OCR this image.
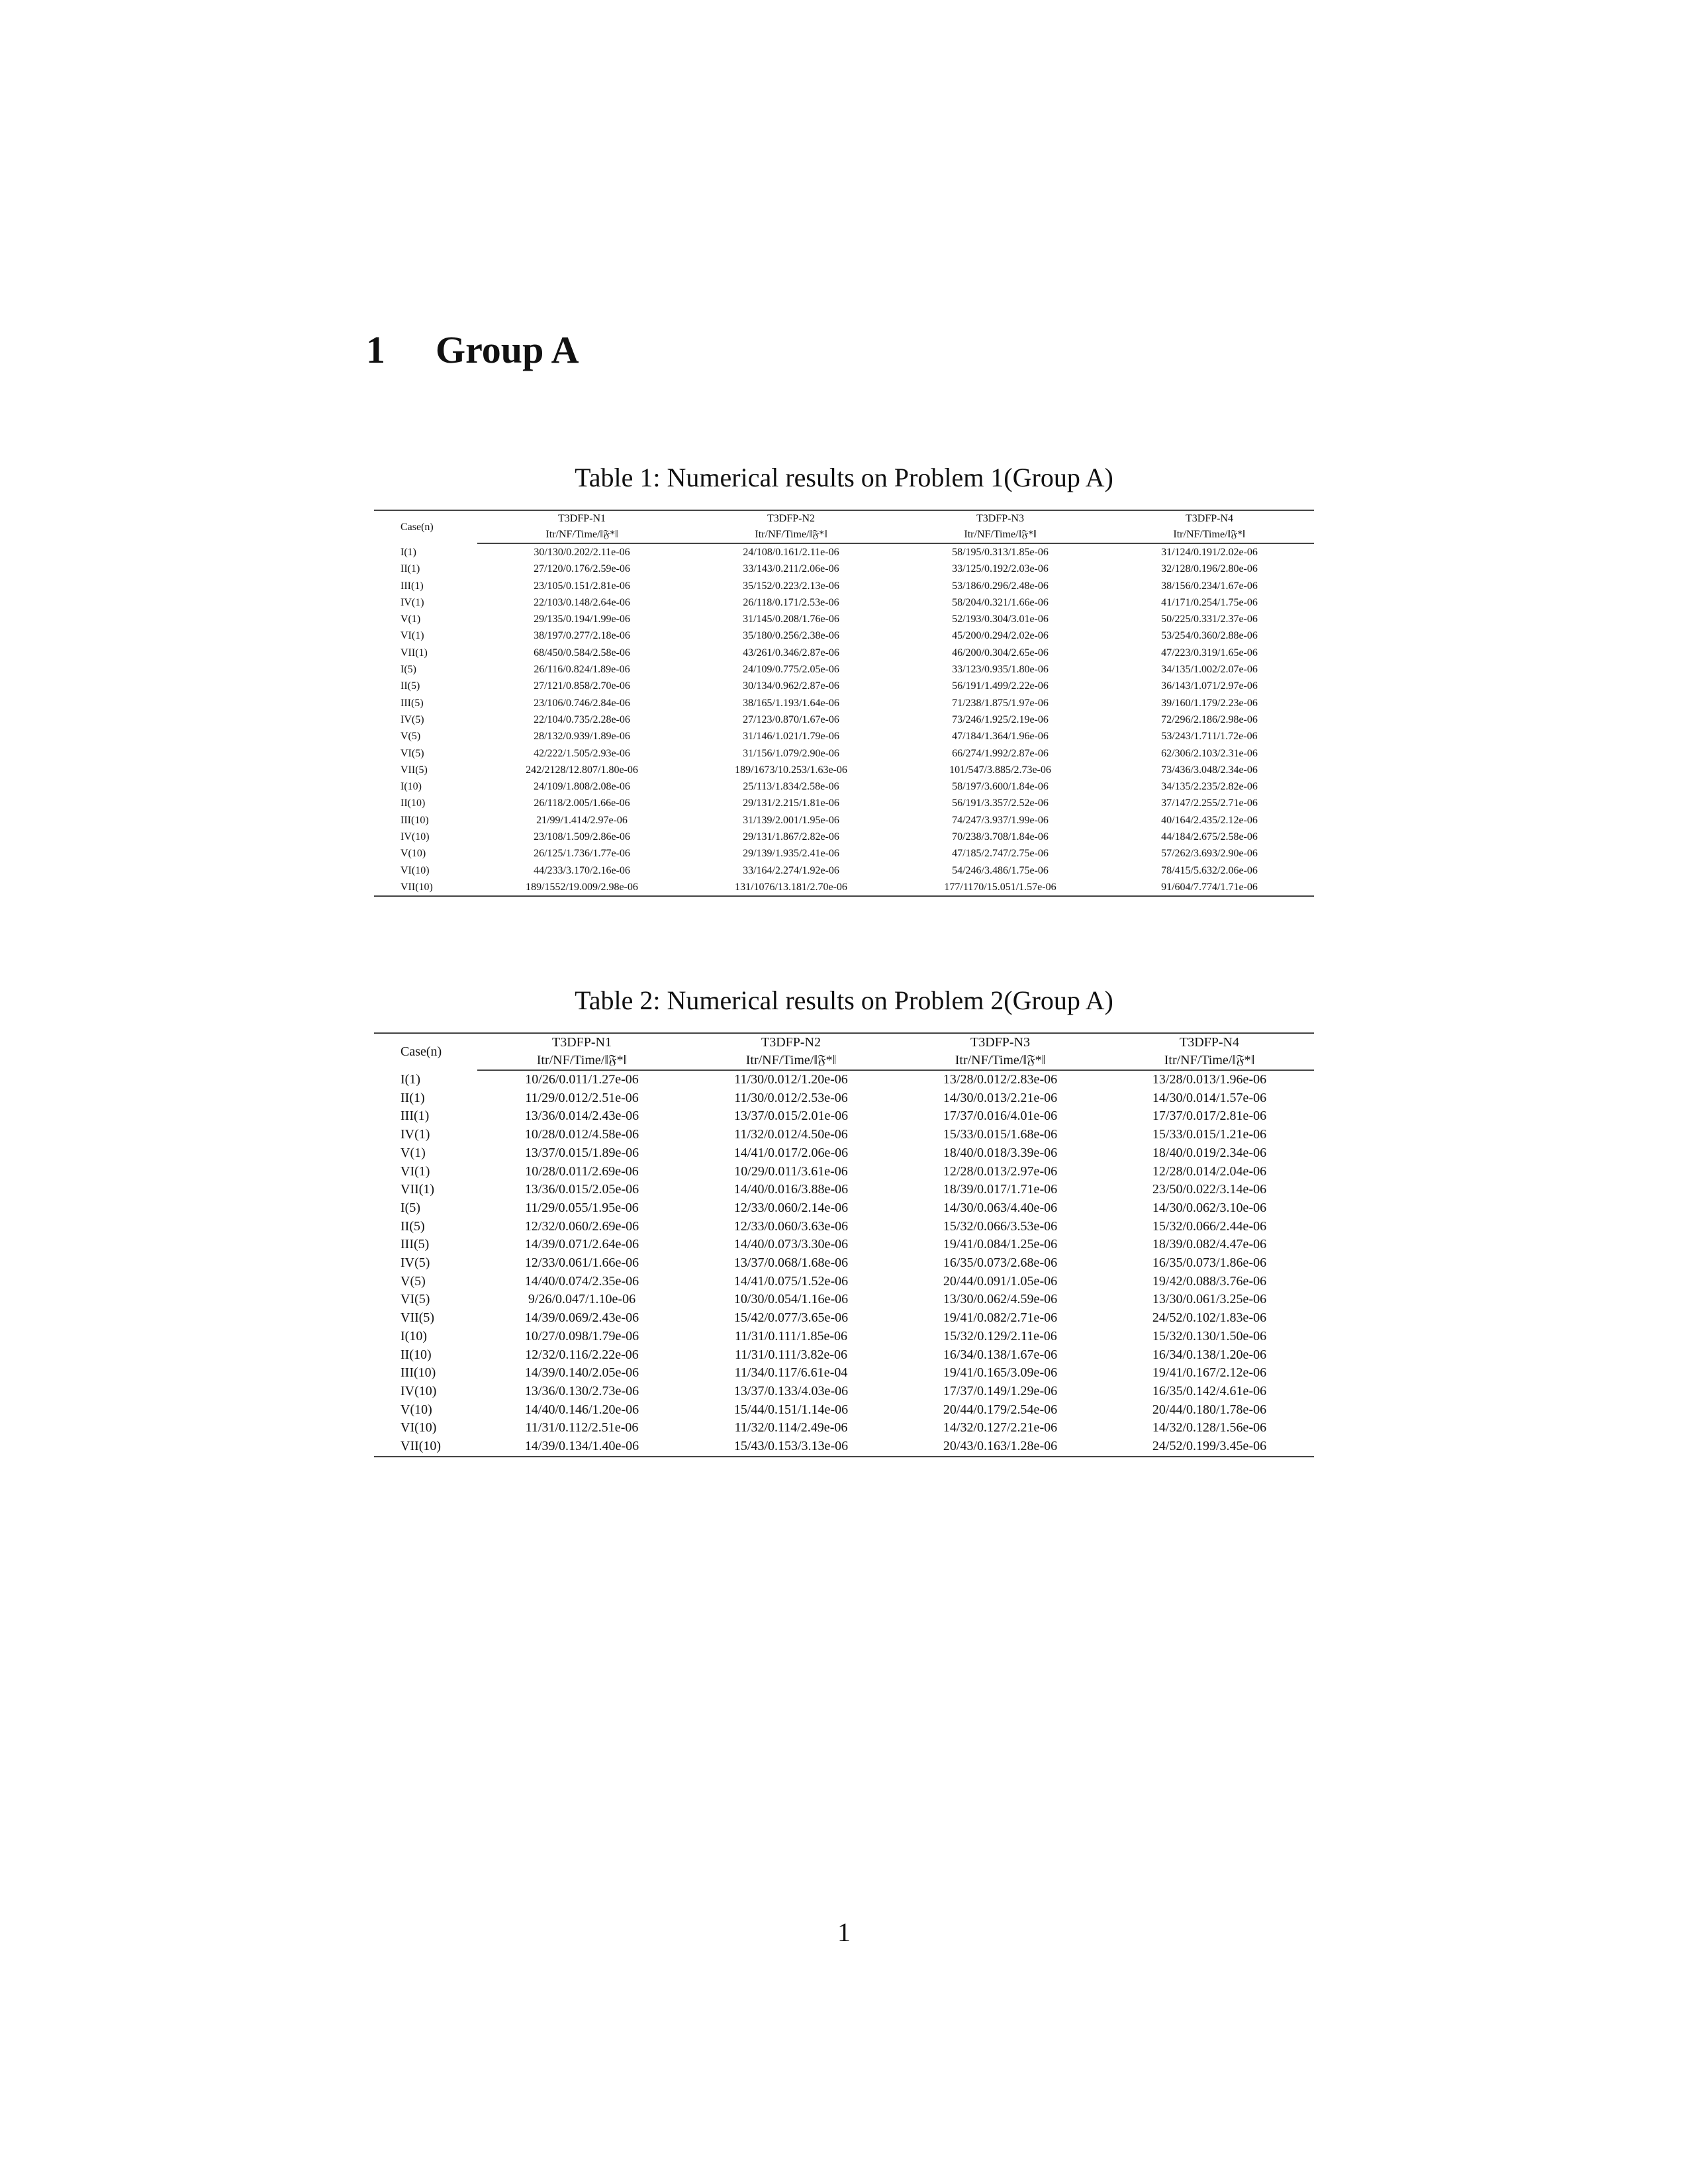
1 Group A
Table 1: Numerical results on Problem 1(Group A)
Case(n)	T3DFP-N1	T3DFP-N2	T3DFP-N3	T3DFP-N4
	Itr/NF/Time/‖𝔉*‖	Itr/NF/Time/‖𝔉*‖	Itr/NF/Time/‖𝔉*‖	Itr/NF/Time/‖𝔉*‖
I(1)	30/130/0.202/2.11e-06	24/108/0.161/2.11e-06	58/195/0.313/1.85e-06	31/124/0.191/2.02e-06
II(1)	27/120/0.176/2.59e-06	33/143/0.211/2.06e-06	33/125/0.192/2.03e-06	32/128/0.196/2.80e-06
III(1)	23/105/0.151/2.81e-06	35/152/0.223/2.13e-06	53/186/0.296/2.48e-06	38/156/0.234/1.67e-06
IV(1)	22/103/0.148/2.64e-06	26/118/0.171/2.53e-06	58/204/0.321/1.66e-06	41/171/0.254/1.75e-06
V(1)	29/135/0.194/1.99e-06	31/145/0.208/1.76e-06	52/193/0.304/3.01e-06	50/225/0.331/2.37e-06
VI(1)	38/197/0.277/2.18e-06	35/180/0.256/2.38e-06	45/200/0.294/2.02e-06	53/254/0.360/2.88e-06
VII(1)	68/450/0.584/2.58e-06	43/261/0.346/2.87e-06	46/200/0.304/2.65e-06	47/223/0.319/1.65e-06
I(5)	26/116/0.824/1.89e-06	24/109/0.775/2.05e-06	33/123/0.935/1.80e-06	34/135/1.002/2.07e-06
II(5)	27/121/0.858/2.70e-06	30/134/0.962/2.87e-06	56/191/1.499/2.22e-06	36/143/1.071/2.97e-06
III(5)	23/106/0.746/2.84e-06	38/165/1.193/1.64e-06	71/238/1.875/1.97e-06	39/160/1.179/2.23e-06
IV(5)	22/104/0.735/2.28e-06	27/123/0.870/1.67e-06	73/246/1.925/2.19e-06	72/296/2.186/2.98e-06
V(5)	28/132/0.939/1.89e-06	31/146/1.021/1.79e-06	47/184/1.364/1.96e-06	53/243/1.711/1.72e-06
VI(5)	42/222/1.505/2.93e-06	31/156/1.079/2.90e-06	66/274/1.992/2.87e-06	62/306/2.103/2.31e-06
VII(5)	242/2128/12.807/1.80e-06	189/1673/10.253/1.63e-06	101/547/3.885/2.73e-06	73/436/3.048/2.34e-06
I(10)	24/109/1.808/2.08e-06	25/113/1.834/2.58e-06	58/197/3.600/1.84e-06	34/135/2.235/2.82e-06
II(10)	26/118/2.005/1.66e-06	29/131/2.215/1.81e-06	56/191/3.357/2.52e-06	37/147/2.255/2.71e-06
III(10)	21/99/1.414/2.97e-06	31/139/2.001/1.95e-06	74/247/3.937/1.99e-06	40/164/2.435/2.12e-06
IV(10)	23/108/1.509/2.86e-06	29/131/1.867/2.82e-06	70/238/3.708/1.84e-06	44/184/2.675/2.58e-06
V(10)	26/125/1.736/1.77e-06	29/139/1.935/2.41e-06	47/185/2.747/2.75e-06	57/262/3.693/2.90e-06
VI(10)	44/233/3.170/2.16e-06	33/164/2.274/1.92e-06	54/246/3.486/1.75e-06	78/415/5.632/2.06e-06
VII(10)	189/1552/19.009/2.98e-06	131/1076/13.181/2.70e-06	177/1170/15.051/1.57e-06	91/604/7.774/1.71e-06
Table 2: Numerical results on Problem 2(Group A)
Case(n)	T3DFP-N1	T3DFP-N2	T3DFP-N3	T3DFP-N4
	Itr/NF/Time/‖𝔉*‖	Itr/NF/Time/‖𝔉*‖	Itr/NF/Time/‖𝔉*‖	Itr/NF/Time/‖𝔉*‖
I(1)	10/26/0.011/1.27e-06	11/30/0.012/1.20e-06	13/28/0.012/2.83e-06	13/28/0.013/1.96e-06
II(1)	11/29/0.012/2.51e-06	11/30/0.012/2.53e-06	14/30/0.013/2.21e-06	14/30/0.014/1.57e-06
III(1)	13/36/0.014/2.43e-06	13/37/0.015/2.01e-06	17/37/0.016/4.01e-06	17/37/0.017/2.81e-06
IV(1)	10/28/0.012/4.58e-06	11/32/0.012/4.50e-06	15/33/0.015/1.68e-06	15/33/0.015/1.21e-06
V(1)	13/37/0.015/1.89e-06	14/41/0.017/2.06e-06	18/40/0.018/3.39e-06	18/40/0.019/2.34e-06
VI(1)	10/28/0.011/2.69e-06	10/29/0.011/3.61e-06	12/28/0.013/2.97e-06	12/28/0.014/2.04e-06
VII(1)	13/36/0.015/2.05e-06	14/40/0.016/3.88e-06	18/39/0.017/1.71e-06	23/50/0.022/3.14e-06
I(5)	11/29/0.055/1.95e-06	12/33/0.060/2.14e-06	14/30/0.063/4.40e-06	14/30/0.062/3.10e-06
II(5)	12/32/0.060/2.69e-06	12/33/0.060/3.63e-06	15/32/0.066/3.53e-06	15/32/0.066/2.44e-06
III(5)	14/39/0.071/2.64e-06	14/40/0.073/3.30e-06	19/41/0.084/1.25e-06	18/39/0.082/4.47e-06
IV(5)	12/33/0.061/1.66e-06	13/37/0.068/1.68e-06	16/35/0.073/2.68e-06	16/35/0.073/1.86e-06
V(5)	14/40/0.074/2.35e-06	14/41/0.075/1.52e-06	20/44/0.091/1.05e-06	19/42/0.088/3.76e-06
VI(5)	9/26/0.047/1.10e-06	10/30/0.054/1.16e-06	13/30/0.062/4.59e-06	13/30/0.061/3.25e-06
VII(5)	14/39/0.069/2.43e-06	15/42/0.077/3.65e-06	19/41/0.082/2.71e-06	24/52/0.102/1.83e-06
I(10)	10/27/0.098/1.79e-06	11/31/0.111/1.85e-06	15/32/0.129/2.11e-06	15/32/0.130/1.50e-06
II(10)	12/32/0.116/2.22e-06	11/31/0.111/3.82e-06	16/34/0.138/1.67e-06	16/34/0.138/1.20e-06
III(10)	14/39/0.140/2.05e-06	11/34/0.117/6.61e-04	19/41/0.165/3.09e-06	19/41/0.167/2.12e-06
IV(10)	13/36/0.130/2.73e-06	13/37/0.133/4.03e-06	17/37/0.149/1.29e-06	16/35/0.142/4.61e-06
V(10)	14/40/0.146/1.20e-06	15/44/0.151/1.14e-06	20/44/0.179/2.54e-06	20/44/0.180/1.78e-06
VI(10)	11/31/0.112/2.51e-06	11/32/0.114/2.49e-06	14/32/0.127/2.21e-06	14/32/0.128/1.56e-06
VII(10)	14/39/0.134/1.40e-06	15/43/0.153/3.13e-06	20/43/0.163/1.28e-06	24/52/0.199/3.45e-06
1
